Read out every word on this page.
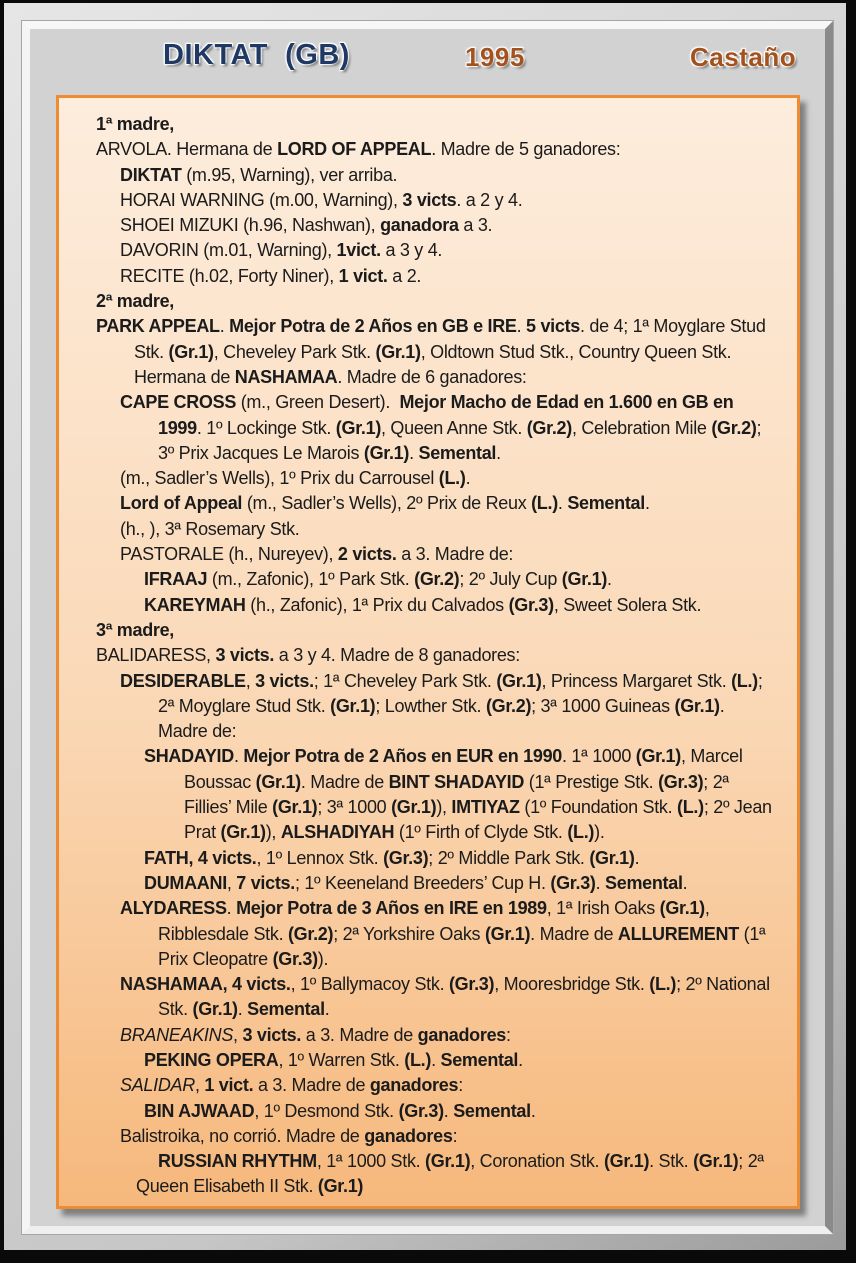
DIKTAT  (GB)	1995	Castaño

1ª madre,

ARVOLA. Hermana de LORD OF APPEAL. Madre de 5 ganadores:

DIKTAT (m.95, Warning), ver arriba.

HORAI WARNING (m.00, Warning), 3 victs. a 2 y 4.

SHOEI MIZUKI (h.96, Nashwan), ganadora a 3.

DAVORIN (m.01, Warning), 1vict. a 3 y 4.

RECITE (h.02, Forty Niner), 1 vict. a 2.

2ª madre,

PARK APPEAL. Mejor Potra de 2 Años en GB e IRE. 5 victs. de 4; 1ª Moyglare Stud Stk. (Gr.1), Cheveley Park Stk. (Gr.1), Oldtown Stud Stk., Country Queen Stk. Hermana de NASHAMAA. Madre de 6 ganadores:

CAPE CROSS (m., Green Desert).  Mejor Macho de Edad en 1.600 en GB en 1999. 1º Lockinge Stk. (Gr.1), Queen Anne Stk. (Gr.2), Celebration Mile (Gr.2); 3º Prix Jacques Le Marois (Gr.1). Semental.

(m., Sadler’s Wells), 1º Prix du Carrousel (L.).

Lord of Appeal (m., Sadler’s Wells), 2º Prix de Reux (L.). Semental.

(h., ), 3ª Rosemary Stk.

PASTORALE (h., Nureyev), 2 victs. a 3. Madre de:

IFRAAJ (m., Zafonic), 1º Park Stk. (Gr.2); 2º July Cup (Gr.1).

KAREYMAH (h., Zafonic), 1ª Prix du Calvados (Gr.3), Sweet Solera Stk.

3ª madre,

BALIDARESS, 3 victs. a 3 y 4. Madre de 8 ganadores:

DESIDERABLE, 3 victs.; 1ª Cheveley Park Stk. (Gr.1), Princess Margaret Stk. (L.); 2ª Moyglare Stud Stk. (Gr.1); Lowther Stk. (Gr.2); 3ª 1000 Guineas (Gr.1). Madre de:

SHADAYID. Mejor Potra de 2 Años en EUR en 1990. 1ª 1000 (Gr.1), Marcel Boussac (Gr.1). Madre de BINT SHADAYID (1ª Prestige Stk. (Gr.3); 2ª Fillies’ Mile (Gr.1); 3ª 1000 (Gr.1)), IMTIYAZ (1º Foundation Stk. (L.); 2º Jean Prat (Gr.1)), ALSHADIYAH (1º Firth of Clyde Stk. (L.)).

FATH, 4 victs., 1º Lennox Stk. (Gr.3); 2º Middle Park Stk. (Gr.1).

DUMAANI, 7 victs.; 1º Keeneland Breeders’ Cup H. (Gr.3). Semental.

ALYDARESS. Mejor Potra de 3 Años en IRE en 1989, 1ª Irish Oaks (Gr.1), Ribblesdale Stk. (Gr.2); 2ª Yorkshire Oaks (Gr.1). Madre de ALLUREMENT (1ª Prix Cleopatre (Gr.3)).

NASHAMAA, 4 victs., 1º Ballymacoy Stk. (Gr.3), Mooresbridge Stk. (L.); 2º National Stk. (Gr.1). Semental.

BRANEAKINS, 3 victs. a 3. Madre de ganadores:

PEKING OPERA, 1º Warren Stk. (L.). Semental.

SALIDAR, 1 vict. a 3. Madre de ganadores:

BIN AJWAAD, 1º Desmond Stk. (Gr.3). Semental.

Balistroika, no corrió. Madre de ganadores:

RUSSIAN RHYTHM, 1ª 1000 Stk. (Gr.1), Coronation Stk. (Gr.1). Stk. (Gr.1); 2ª Queen Elisabeth II Stk. (Gr.1)
